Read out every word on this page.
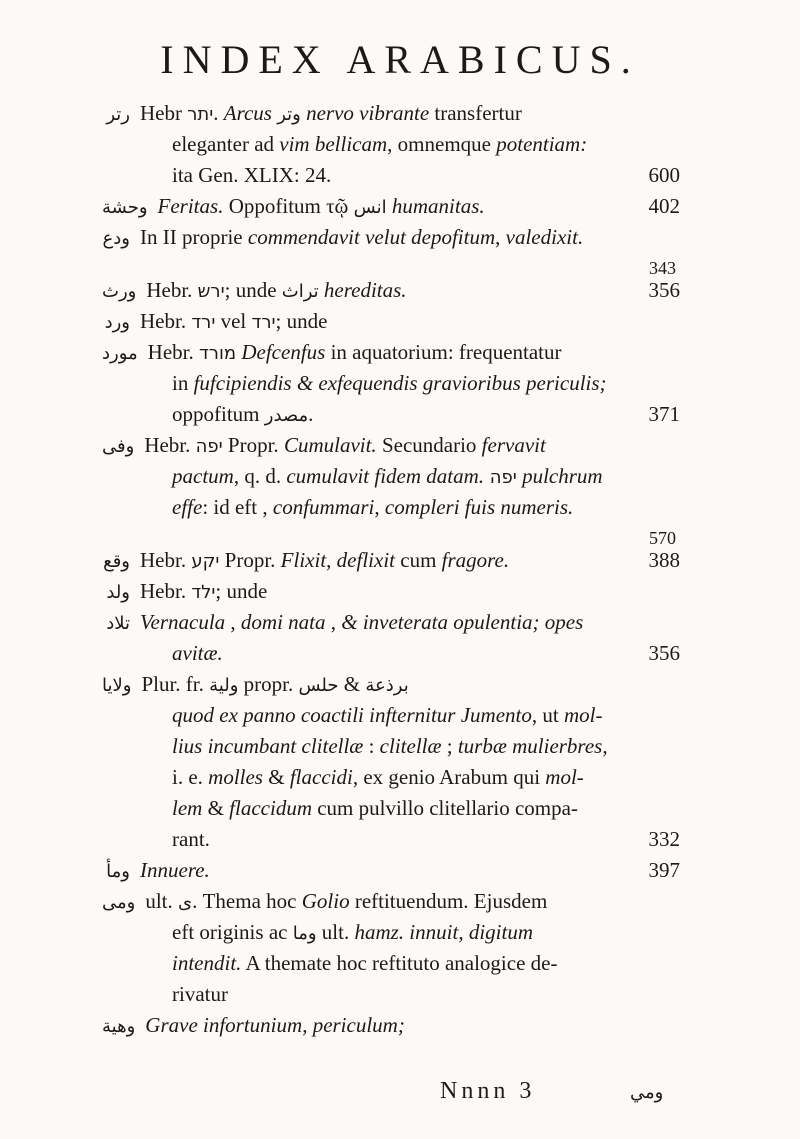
INDEX ARABICUS.
رتر Hebr יתר. Arcus وتر nervo vibrante transfertur
eleganter ad vim bellicam, omnemque potentiam:
ita Gen. XLIX: 24.	600
وحشة Feritas. Oppofitum τῷ انس humanitas.	402
ودع In II proprie commendavit velut depofitum, valedixit.
343
ورث Hebr. ירש; unde تراث hereditas.	356
ورد Hebr. ירד vel ירד; unde
مورد Hebr. מורד Defcenfus in aquatorium: frequentatur
in fufcipiendis & exfequendis gravioribus periculis;
oppofitum مصدر.	371
وفى Hebr. יפה Propr. Cumulavit. Secundario fervavit
pactum, q. d. cumulavit fidem datam. יפה pulchrum
effe: id eft , confummari, compleri fuis numeris.
570
وقع Hebr. יקע Propr. Flixit, deflixit cum fragore.	388
ولد Hebr. ילד; unde
تلاد Vernacula , domi nata , & inveterata opulentia; opes
avitæ.	356
ولايا Plur. fr. ولية propr.	برذعة & حلس
quod ex panno coactili infternitur Jumento, ut mol-
lius incumbant clitellæ : clitellæ ; turbæ mulierbres,
i. e. molles & flaccidi, ex genio Arabum qui mol-
lem & flaccidum cum pulvillo clitellario compa-
rant.	332
ومأ Innuere.	397
ومى ult. ى. Thema hoc Golio reftituendum. Ejusdem
eft originis ac وما ult. hamz. innuit, digitum
intendit. A themate hoc reftituto analogice de-
rivatur
وهية Grave infortunium, periculum;
Nnnn 3	ومي
